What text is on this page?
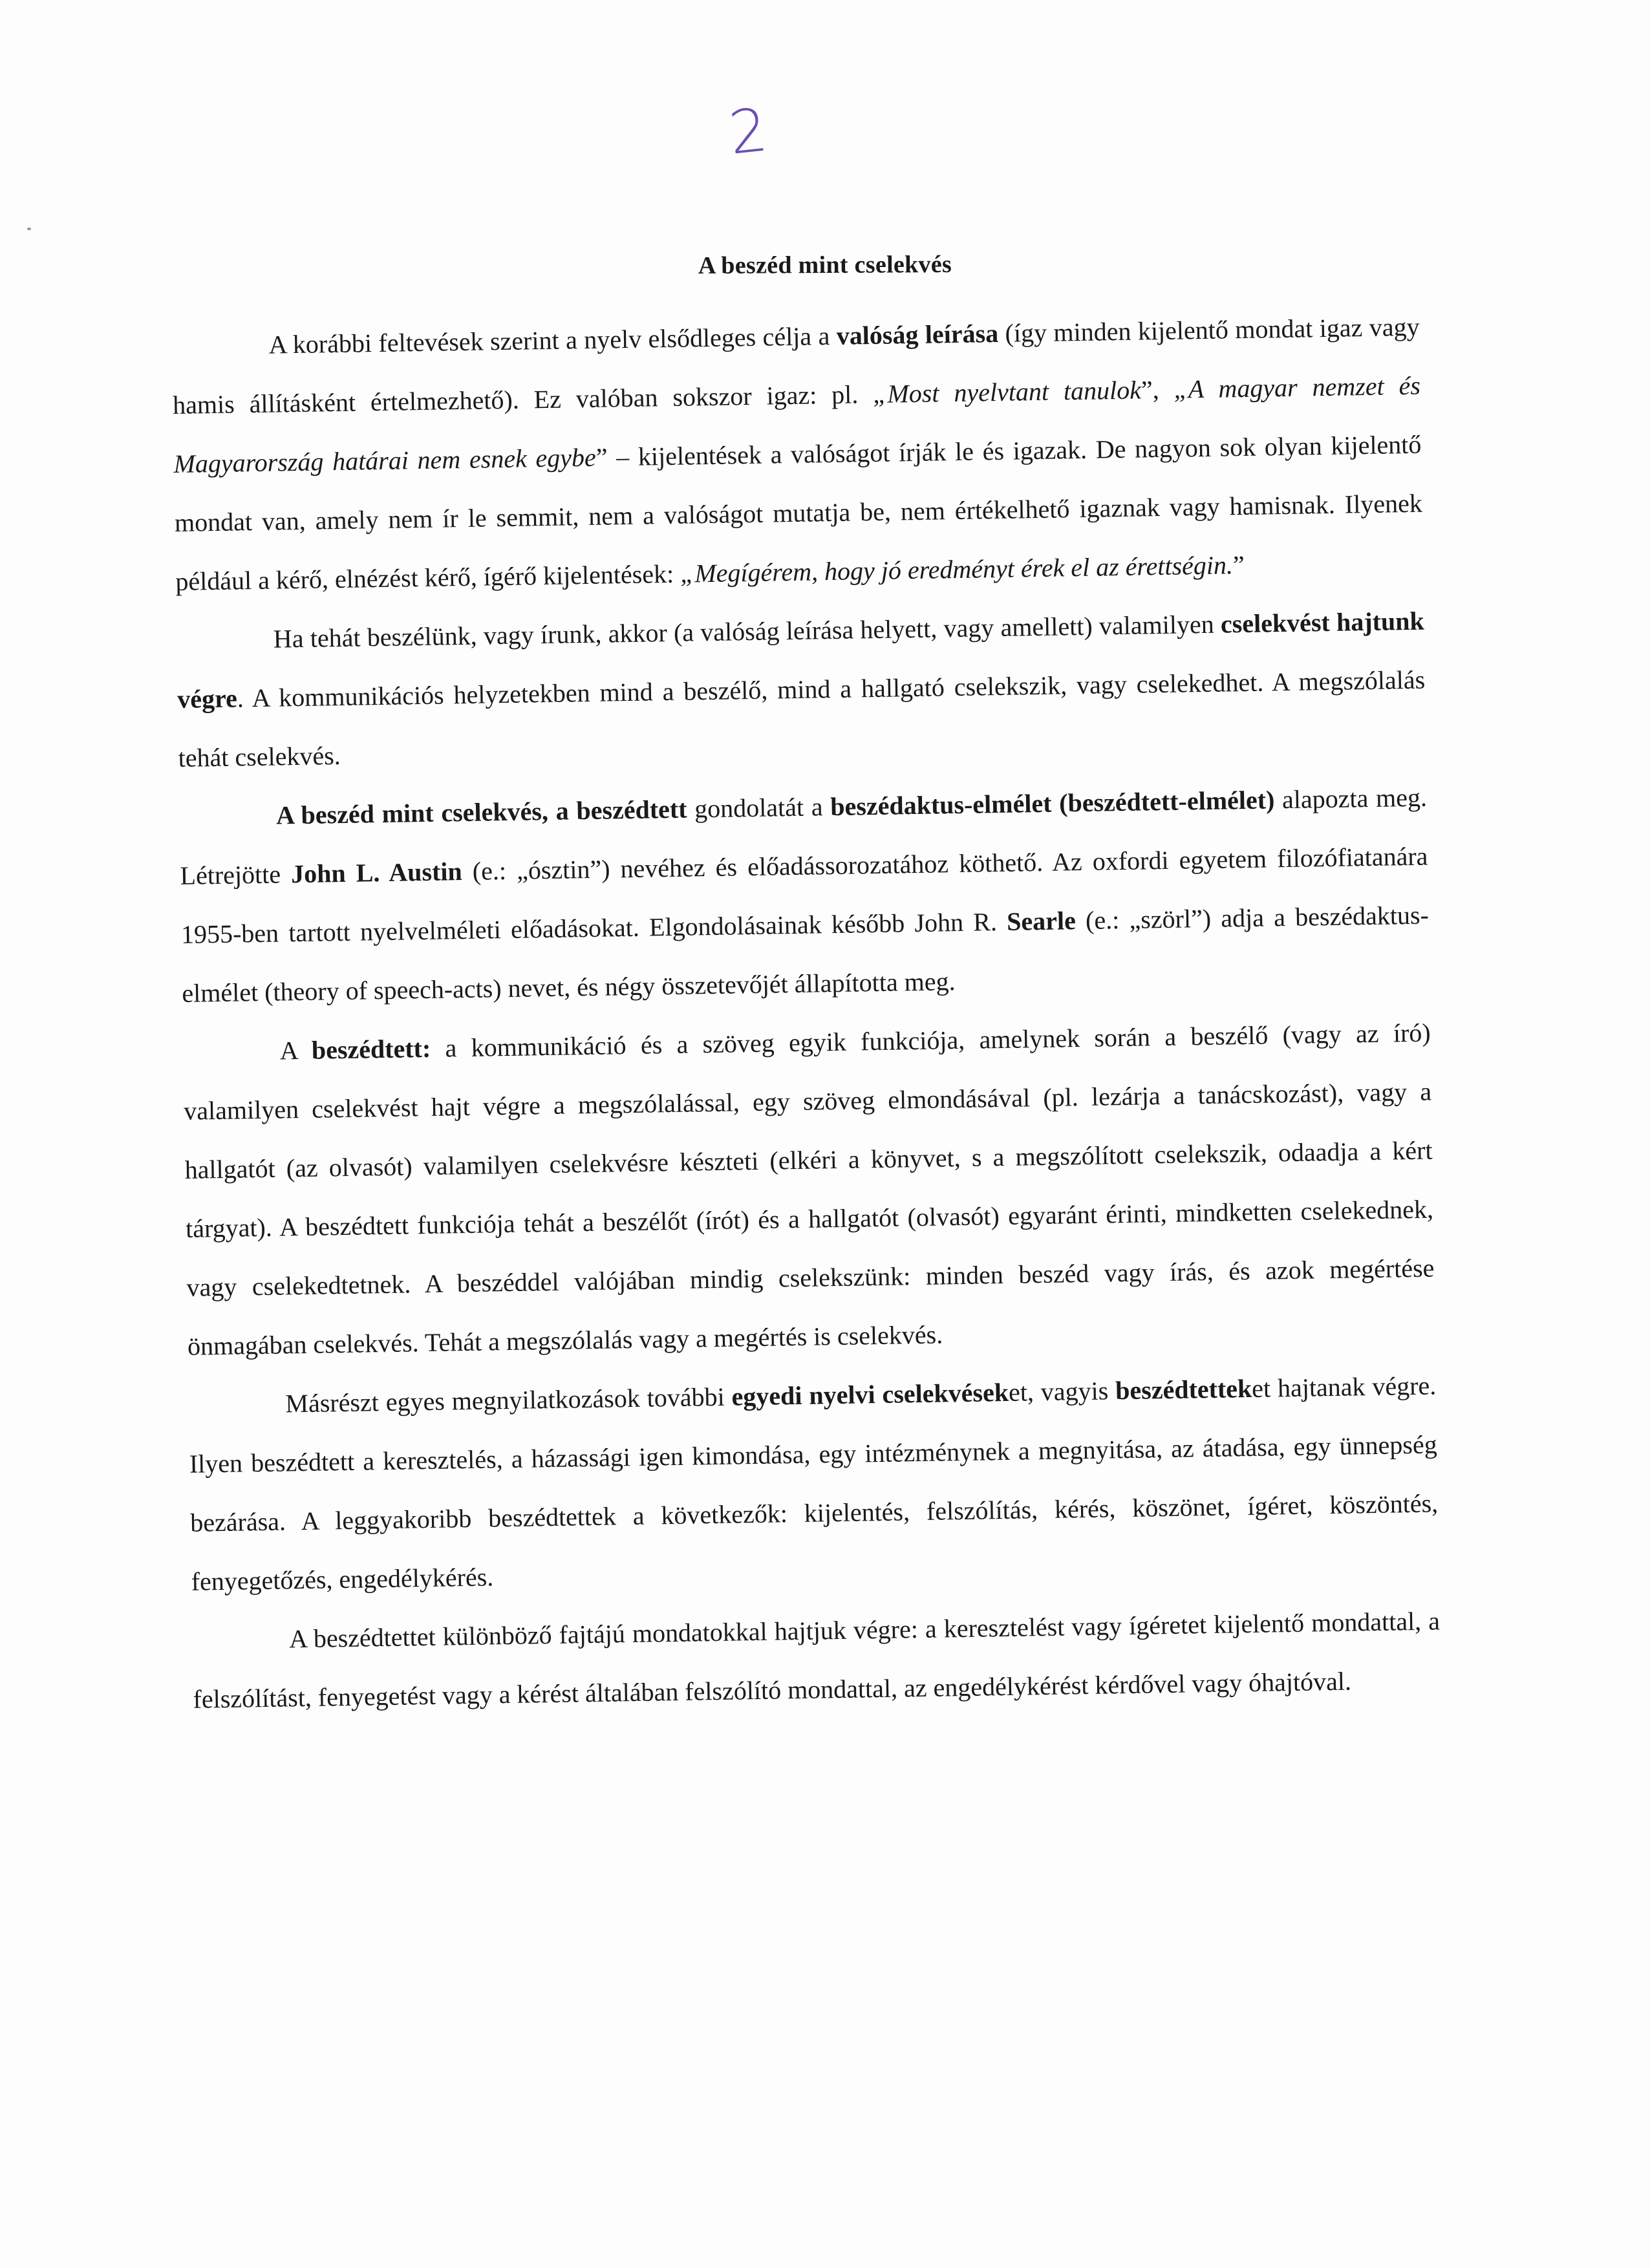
2
A beszéd mint cselekvés

A korábbi feltevések szerint a nyelv elsődleges célja a valóság leírása (így minden kijelentő mondat igaz vagy hamis állításként értelmezhető). Ez valóban sokszor igaz: pl. „Most nyelvtant tanulok”, „A magyar nemzet és Magyarország határai nem esnek egybe” – kijelentések a valóságot írják le és igazak. De nagyon sok olyan kijelentő mondat van, amely nem ír le semmit, nem a valóságot mutatja be, nem értékelhető igaznak vagy hamisnak. Ilyenek például a kérő, elnézést kérő, ígérő kijelentések: „Megígérem, hogy jó eredményt érek el az érettségin.”

Ha tehát beszélünk, vagy írunk, akkor (a valóság leírása helyett, vagy amellett) valamilyen cselekvést hajtunk végre. A kommunikációs helyzetekben mind a beszélő, mind a hallgató cselekszik, vagy cselekedhet. A megszólalás tehát cselekvés.

A beszéd mint cselekvés, a beszédtett gondolatát a beszédaktus-elmélet (beszédtett-elmélet) alapozta meg. Létrejötte John L. Austin (e.: „ósztin”) nevéhez és előadássorozatához köthető. Az oxfordi egyetem filozófiatanára 1955-ben tartott nyelvelméleti előadásokat. Elgondolásainak később John R. Searle (e.: „szörl”) adja a beszédaktus-elmélet (theory of speech-acts) nevet, és négy összetevőjét állapította meg.

A beszédtett: a kommunikáció és a szöveg egyik funkciója, amelynek során a beszélő (vagy az író) valamilyen cselekvést hajt végre a megszólalással, egy szöveg elmondásával (pl. lezárja a tanácskozást), vagy a hallgatót (az olvasót) valamilyen cselekvésre készteti (elkéri a könyvet, s a megszólított cselekszik, odaadja a kért tárgyat). A beszédtett funkciója tehát a beszélőt (írót) és a hallgatót (olvasót) egyaránt érinti, mindketten cselekednek, vagy cselekedtetnek. A beszéddel valójában mindig cselekszünk: minden beszéd vagy írás, és azok megértése önmagában cselekvés. Tehát a megszólalás vagy a megértés is cselekvés.

Másrészt egyes megnyilatkozások további egyedi nyelvi cselekvéseket, vagyis beszédtetteket hajtanak végre. Ilyen beszédtett a keresztelés, a házassági igen kimondása, egy intézménynek a megnyitása, az átadása, egy ünnepség bezárása. A leggyakoribb beszédtettek a következők: kijelentés, felszólítás, kérés, köszönet, ígéret, köszöntés, fenyegetőzés, engedélykérés.

A beszédtettet különböző fajtájú mondatokkal hajtjuk végre: a keresztelést vagy ígéretet kijelentő mondattal, a felszólítást, fenyegetést vagy a kérést általában felszólító mondattal, az engedélykérést kérdővel vagy óhajtóval.
